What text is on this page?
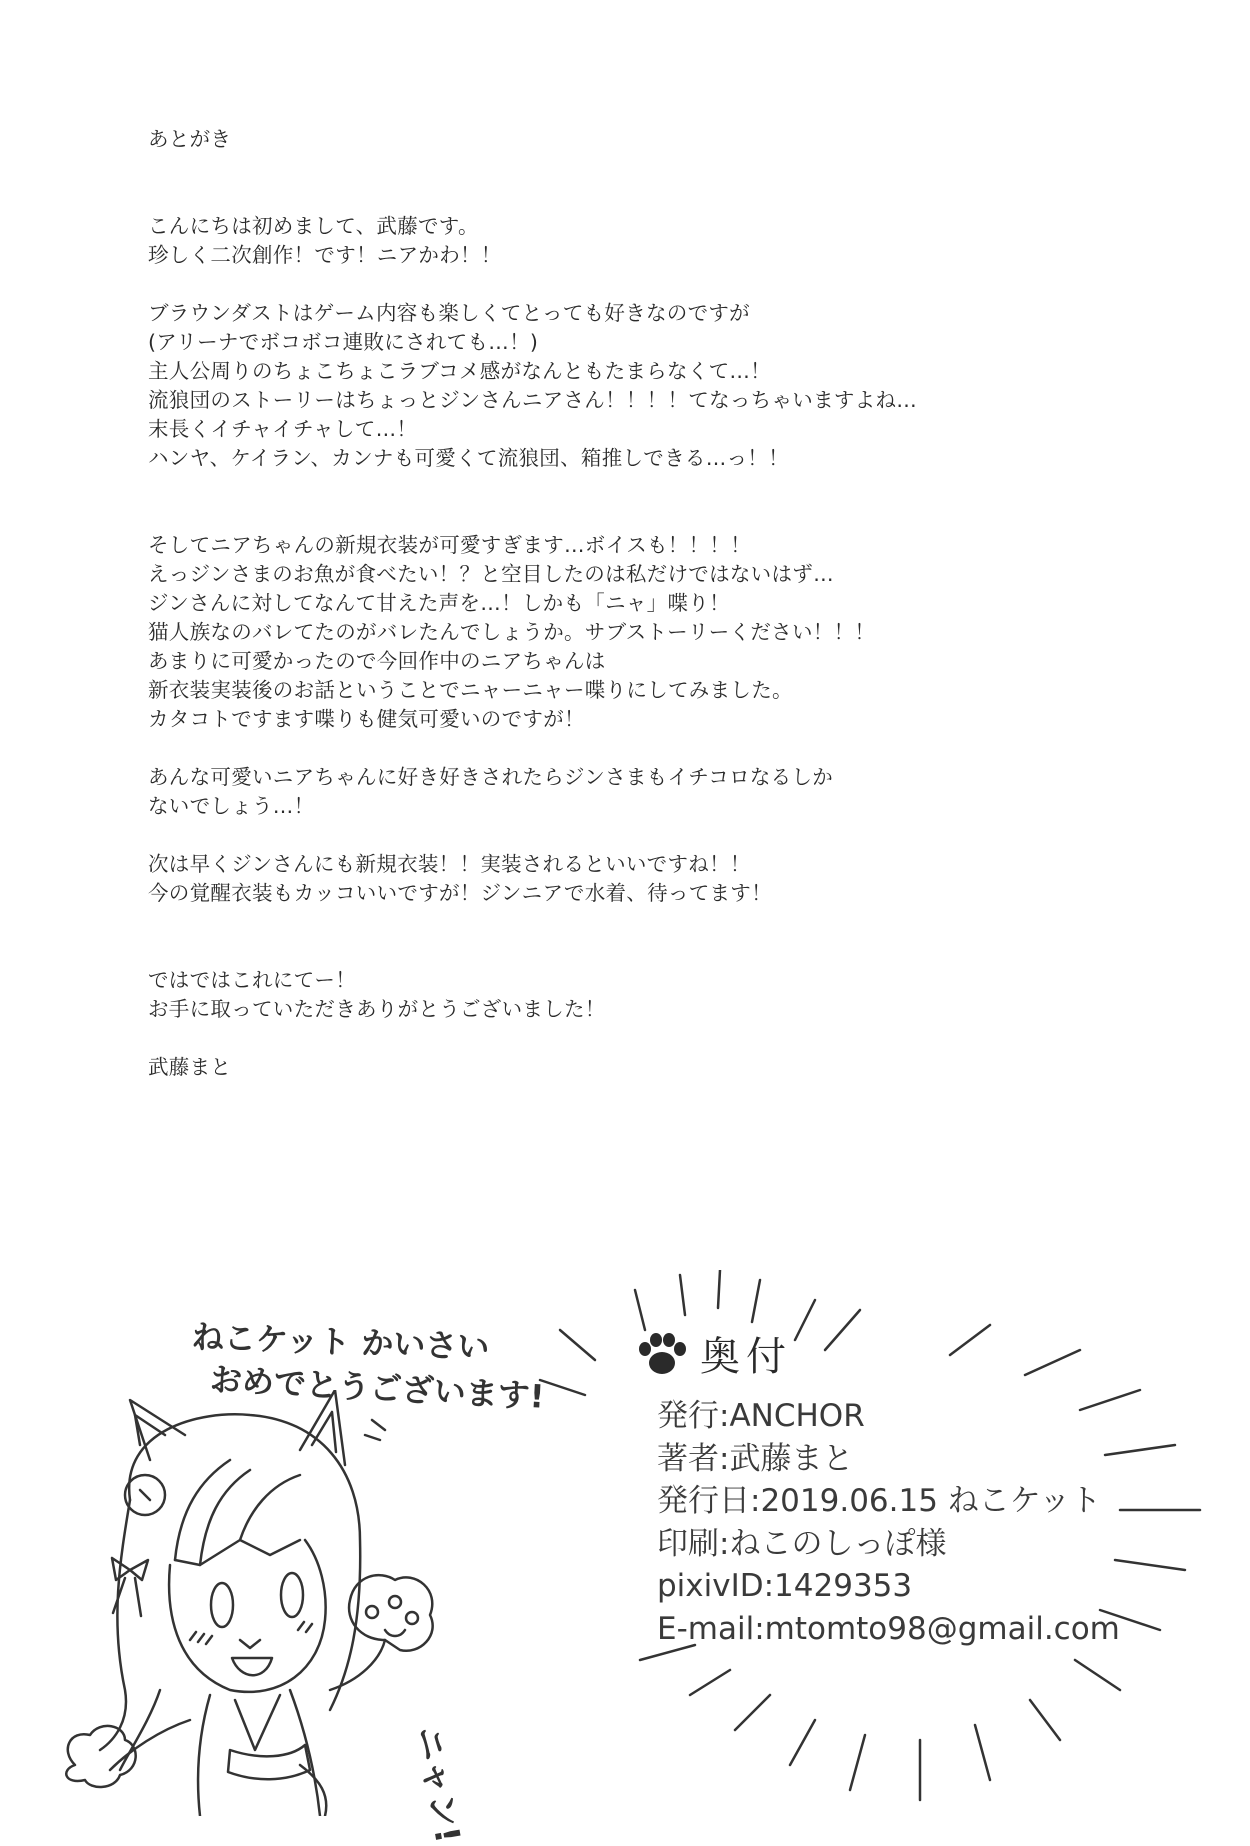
あとがき
こんにちは初めまして、武藤です。
珍しく二次創作！です！ニアかわ！！
ブラウンダストはゲーム内容も楽しくてとっても好きなのですが
(アリーナでボコボコ連敗にされても…！)
主人公周りのちょこちょこラブコメ感がなんともたまらなくて…！
流狼団のストーリーはちょっとジンさんニアさん！！！！てなっちゃいますよね…
末長くイチャイチャして…！
ハンヤ、ケイラン、カンナも可愛くて流狼団、箱推しできる…っ！！
そしてニアちゃんの新規衣装が可愛すぎます…ボイスも！！！！
えっジンさまのお魚が食べたい！？と空目したのは私だけではないはず…
ジンさんに対してなんて甘えた声を…！しかも「ニャ」喋り！
猫人族なのバレてたのがバレたんでしょうか。サブストーリーください！！！
あまりに可愛かったので今回作中のニアちゃんは
新衣装実装後のお話ということでニャーニャー喋りにしてみました。
カタコトですます喋りも健気可愛いのですが！
あんな可愛いニアちゃんに好き好きされたらジンさまもイチコロなるしか
ないでしょう…！
次は早くジンさんにも新規衣装！！実装されるといいですね！！
今の覚醒衣装もカッコいいですが！ジンニアで水着、待ってます！
ではではこれにてー！
お手に取っていただきありがとうございました！
武藤まと
奥付
発行:ANCHOR
著者:武藤まと
発行日:2019.06.15 ねこケット
印刷:ねこのしっぽ様
pixivID:1429353
E-mail:mtomto98@gmail.com
ねこケット かいさい
おめでとうございます!
ニャン!
